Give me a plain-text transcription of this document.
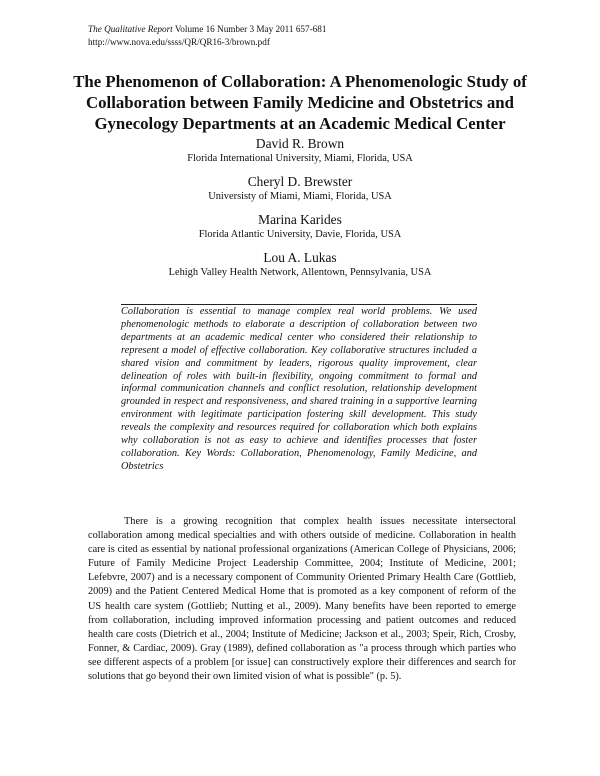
The Qualitative Report Volume 16 Number 3 May 2011 657-681
http://www.nova.edu/ssss/QR/QR16-3/brown.pdf
The Phenomenon of Collaboration: A Phenomenologic Study of Collaboration between Family Medicine and Obstetrics and Gynecology Departments at an Academic Medical Center
David R. Brown
Florida International University, Miami, Florida, USA
Cheryl D. Brewster
Universisty of Miami, Miami, Florida, USA
Marina Karides
Florida Atlantic University, Davie, Florida, USA
Lou A. Lukas
Lehigh Valley Health Network, Allentown, Pennsylvania, USA

Collaboration is essential to manage complex real world problems. We used phenomenologic methods to elaborate a description of collaboration between two departments at an academic medical center who considered their relationship to represent a model of effective collaboration. Key collaborative structures included a shared vision and commitment by leaders, rigorous quality improvement, clear delineation of roles with built-in flexibility, ongoing commitment to formal and informal communication channels and conflict resolution, relationship development grounded in respect and responsiveness, and shared training in a supportive learning environment with legitimate participation fostering skill development. This study reveals the complexity and resources required for collaboration which both explains why collaboration is not as easy to achieve and identifies processes that foster collaboration. Key Words: Collaboration, Phenomenology, Family Medicine, and Obstetrics

There is a growing recognition that complex health issues necessitate intersectoral collaboration among medical specialties and with others outside of medicine. Collaboration in health care is cited as essential by national professional organizations (American College of Physicians, 2006; Future of Family Medicine Project Leadership Committee, 2004; Institute of Medicine, 2001; Lefebvre, 2007) and is a necessary component of Community Oriented Primary Health Care (Gottlieb, 2009) and the Patient Centered Medical Home that is promoted as a key component of reform of the US health care system (Gottlieb; Nutting et al., 2009). Many benefits have been reported to emerge from collaboration, including improved information processing and patient outcomes and reduced health care costs (Dietrich et al., 2004; Institute of Medicine; Jackson et al., 2003; Speir, Rich, Crosby, Fonner, & Cardiac, 2009). Gray (1989), defined collaboration as "a process through which parties who see different aspects of a problem [or issue] can constructively explore their differences and search for solutions that go beyond their own limited vision of what is possible" (p. 5).
